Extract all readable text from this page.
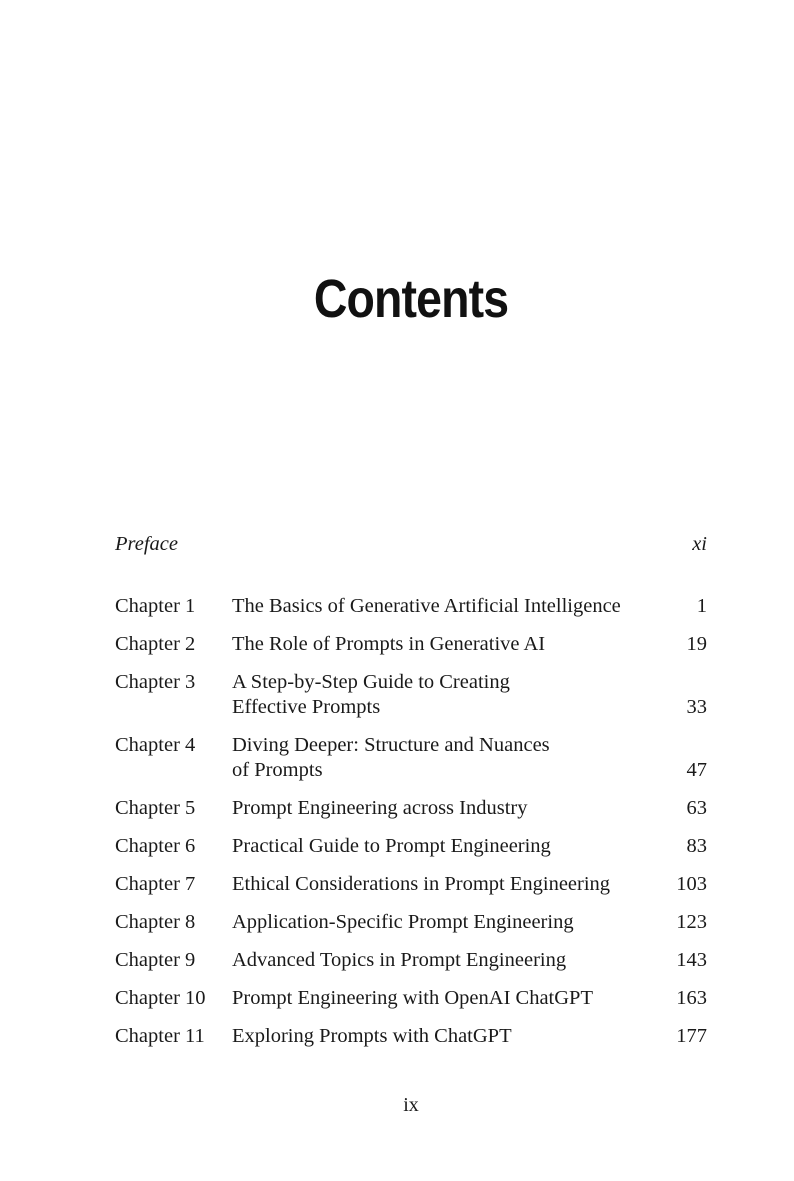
Contents
Preface	xi
Chapter 1	The Basics of Generative Artificial Intelligence	1
Chapter 2	The Role of Prompts in Generative AI	19
Chapter 3	A Step-by-Step Guide to Creating
Effective Prompts	33
Chapter 4	Diving Deeper: Structure and Nuances
of Prompts	47
Chapter 5	Prompt Engineering across Industry	63
Chapter 6	Practical Guide to Prompt Engineering	83
Chapter 7	Ethical Considerations in Prompt Engineering	103
Chapter 8	Application-Specific Prompt Engineering	123
Chapter 9	Advanced Topics in Prompt Engineering	143
Chapter 10	Prompt Engineering with OpenAI ChatGPT	163
Chapter 11	Exploring Prompts with ChatGPT	177
ix
